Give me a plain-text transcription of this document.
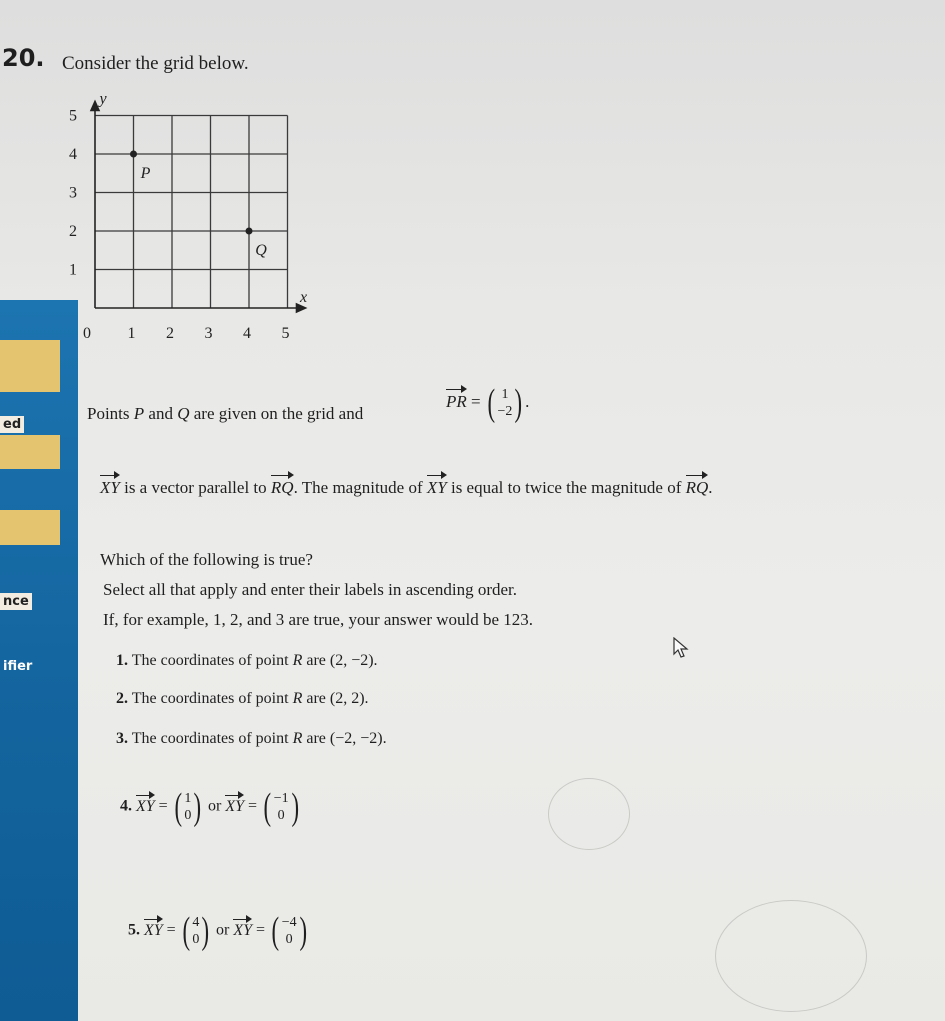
ed
nce
ifier
20. Consider the grid below.
5
4
3
2
1
0 1 2 3 4 5
y
x
P
Q
Points P and Q are given on the grid and
PR = ( 1
−2 ) .
XY is a vector parallel to RQ. The magnitude of XY is equal to twice the magnitude of RQ.
Which of the following is true?
Select all that apply and enter their labels in ascending order.
If, for example, 1, 2, and 3 are true, your answer would be 123.
1. The coordinates of point R are (2, −2).
2. The coordinates of point R are (2, 2).
3. The coordinates of point R are (−2, −2).
4. XY = ( 1
0 ) or XY = ( −1
0 )
5. XY = ( 4
0 ) or XY = ( −4
0 )
